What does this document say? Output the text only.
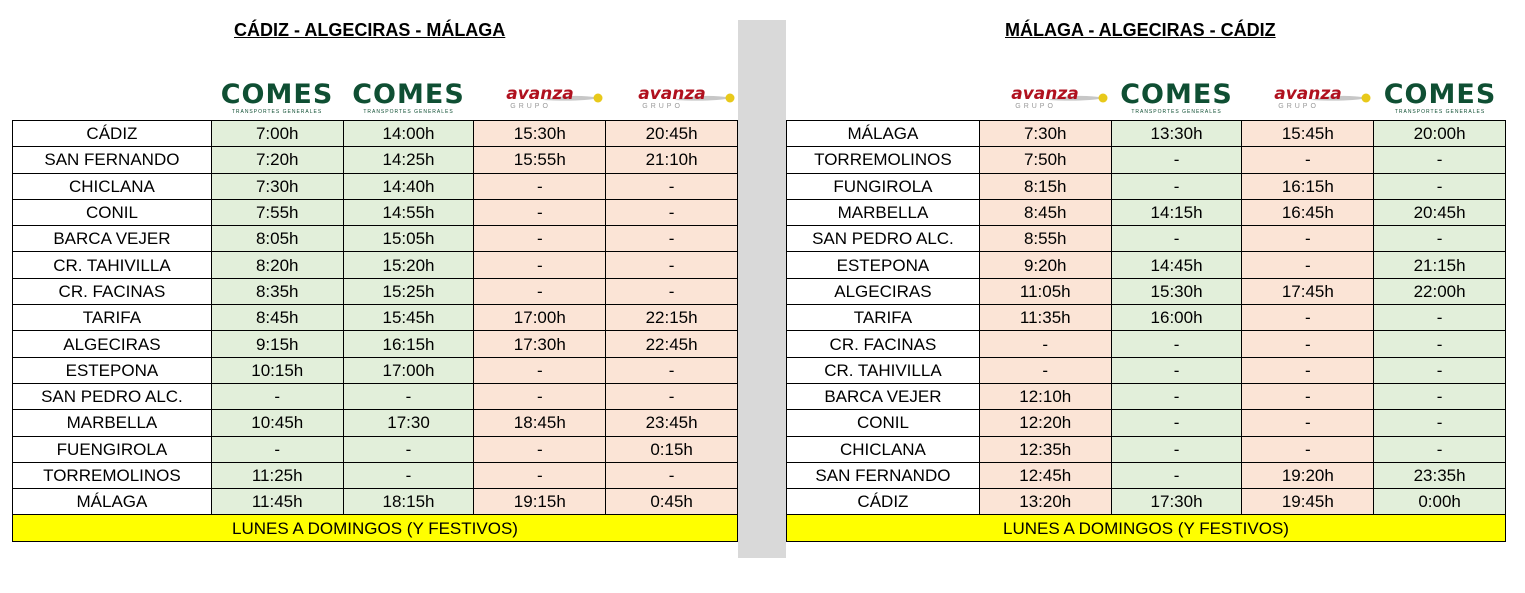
CÁDIZ - ALGECIRAS - MÁLAGA
COMES
TRANSPORTES GENERALES
COMES
TRANSPORTES GENERALES
avanza
GRUPO
avanza
GRUPO
CÁDIZ	7:00h	14:00h	15:30h	20:45h
SAN FERNANDO	7:20h	14:25h	15:55h	21:10h
CHICLANA	7:30h	14:40h	-	-
CONIL	7:55h	14:55h	-	-
BARCA VEJER	8:05h	15:05h	-	-
CR. TAHIVILLA	8:20h	15:20h	-	-
CR. FACINAS	8:35h	15:25h	-	-
TARIFA	8:45h	15:45h	17:00h	22:15h
ALGECIRAS	9:15h	16:15h	17:30h	22:45h
ESTEPONA	10:15h	17:00h	-	-
SAN PEDRO ALC.	-	-	-	-
MARBELLA	10:45h	17:30	18:45h	23:45h
FUENGIROLA	-	-	-	0:15h
TORREMOLINOS	11:25h	-	-	-
MÁLAGA	11:45h	18:15h	19:15h	0:45h
LUNES A DOMINGOS (Y FESTIVOS)				
MÁLAGA - ALGECIRAS - CÁDIZ
avanza
GRUPO COMES
TRANSPORTES GENERALES
avanza
GRUPO COMES
TRANSPORTES GENERALES
MÁLAGA	7:30h	13:30h	15:45h	20:00h
TORREMOLINOS	7:50h	-	-	-
FUNGIROLA	8:15h	-	16:15h	-
MARBELLA	8:45h	14:15h	16:45h	20:45h
SAN PEDRO ALC.	8:55h	-	-	-
ESTEPONA	9:20h	14:45h	-	21:15h
ALGECIRAS	11:05h	15:30h	17:45h	22:00h
TARIFA	11:35h	16:00h	-	-
CR. FACINAS	-	-	-	-
CR. TAHIVILLA	-	-	-	-
BARCA VEJER	12:10h	-	-	-
CONIL	12:20h	-	-	-
CHICLANA	12:35h	-	-	-
SAN FERNANDO	12:45h	-	19:20h	23:35h
CÁDIZ	13:20h	17:30h	19:45h	0:00h
LUNES A DOMINGOS (Y FESTIVOS)				
